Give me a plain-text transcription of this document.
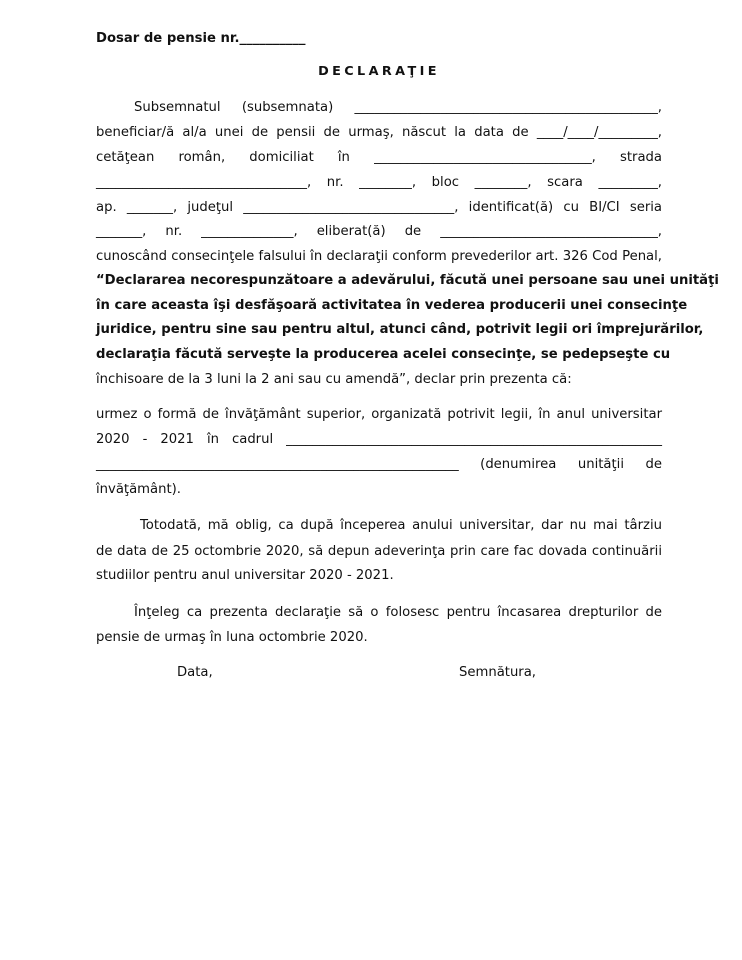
Dosar de pensie nr.__________
DECLARAŢIE
Subsemnatul (subsemnata) ______________________________________________,
beneficiar/ă al/a unei de pensii de urmaş, născut la data de ____/____/_________,
cetăţean român, domiciliat în _________________________________, strada
________________________________, nr. ________, bloc ________, scara _________,
ap. _______, judeţul ________________________________, identificat(ă) cu BI/CI seria
_______, nr. ______________, eliberat(ă) de _________________________________,
cunoscând consecinţele falsului în declaraţii conform prevederilor art. 326 Cod Penal,
“Declararea necorespunzătoare a adevărului, făcută unei persoane sau unei unităţi
în care aceasta îşi desfăşoară activitatea în vederea producerii unei consecinţe
juridice, pentru sine sau pentru altul, atunci când, potrivit legii ori împrejurărilor,
declaraţia făcută serveşte la producerea acelei consecinţe, se pedepseşte cu
închisoare de la 3 luni la 2 ani sau cu amendă”, declar prin prezenta că:
urmez o formă de învăţământ superior, organizată potrivit legii, în anul universitar
2020 - 2021 în cadrul _________________________________________________________
_______________________________________________________ (denumirea unităţii de
învăţământ).
Totodată, mă oblig, ca după începerea anului universitar, dar nu mai târziu
de data de 25 octombrie 2020, să depun adeverinţa prin care fac dovada continuării
studiilor pentru anul universitar 2020 - 2021.
Înţeleg ca prezenta declaraţie să o folosesc pentru încasarea drepturilor de
pensie de urmaş în luna octombrie 2020.
Data,	Semnătura,
